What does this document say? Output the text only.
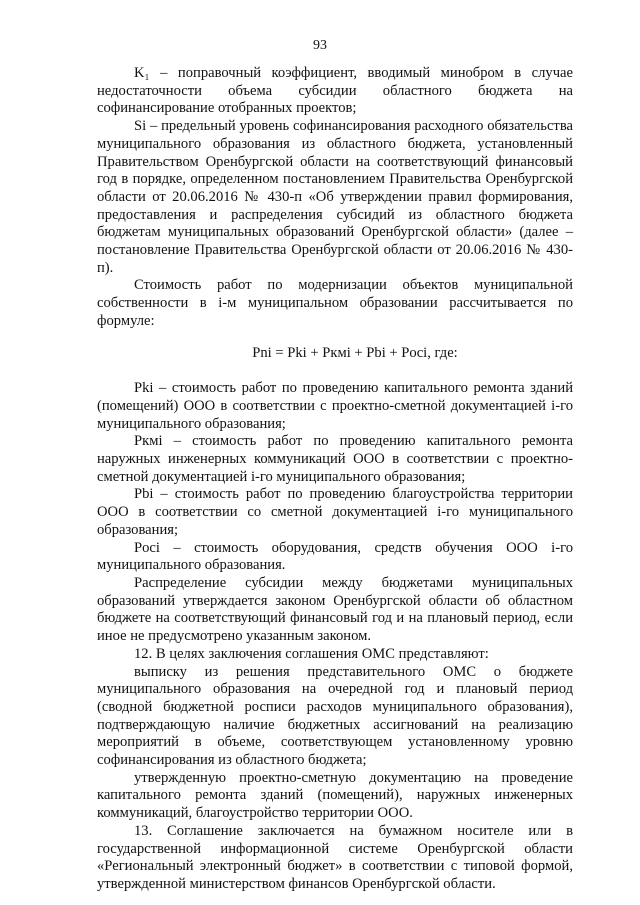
93

K₁ – поправочный коэффициент, вводимый минобром в случае недостаточности объема субсидии областного бюджета на софинансирование отобранных проектов;

Si – предельный уровень софинансирования расходного обязательства муниципального образования из областного бюджета, установленный Правительством Оренбургской области на соответствующий финансовый год в порядке, определенном постановлением Правительства Оренбургской области от 20.06.2016 № 430-п «Об утверждении правил формирования, предоставления и распределения субсидий из областного бюджета бюджетам муниципальных образований Оренбургской области» (далее – постановление Правительства Оренбургской области от 20.06.2016 № 430-п).

Стоимость работ по модернизации объектов муниципальной собственности в i-м муниципальном образовании рассчитывается по формуле:

Pni = Pki + Pкмi + Pbi + Poci, где:

Pki – стоимость работ по проведению капитального ремонта зданий (помещений) ООО в соответствии с проектно-сметной документацией i-го муниципального образования;

Pкмi – стоимость работ по проведению капитального ремонта наружных инженерных коммуникаций ООО в соответствии с проектно-сметной документацией i-го муниципального образования;

Pbi – стоимость работ по проведению благоустройства территории ООО в соответствии со сметной документацией i-го муниципального образования;

Poci – стоимость оборудования, средств обучения ООО i-го муниципального образования.

Распределение субсидии между бюджетами муниципальных образований утверждается законом Оренбургской области об областном бюджете на соответствующий финансовый год и на плановый период, если иное не предусмотрено указанным законом.

12. В целях заключения соглашения ОМС представляют:

выписку из решения представительного ОМС о бюджете муниципального образования на очередной год и плановый период (сводной бюджетной росписи расходов муниципального образования), подтверждающую наличие бюджетных ассигнований на реализацию мероприятий в объеме, соответствующем установленному уровню софинансирования из областного бюджета;

утвержденную проектно-сметную документацию на проведение капитального ремонта зданий (помещений), наружных инженерных коммуникаций, благоустройство территории ООО.

13. Соглашение заключается на бумажном носителе или в государственной информационной системе Оренбургской области «Региональный электронный бюджет» в соответствии с типовой формой, утвержденной министерством финансов Оренбургской области.
